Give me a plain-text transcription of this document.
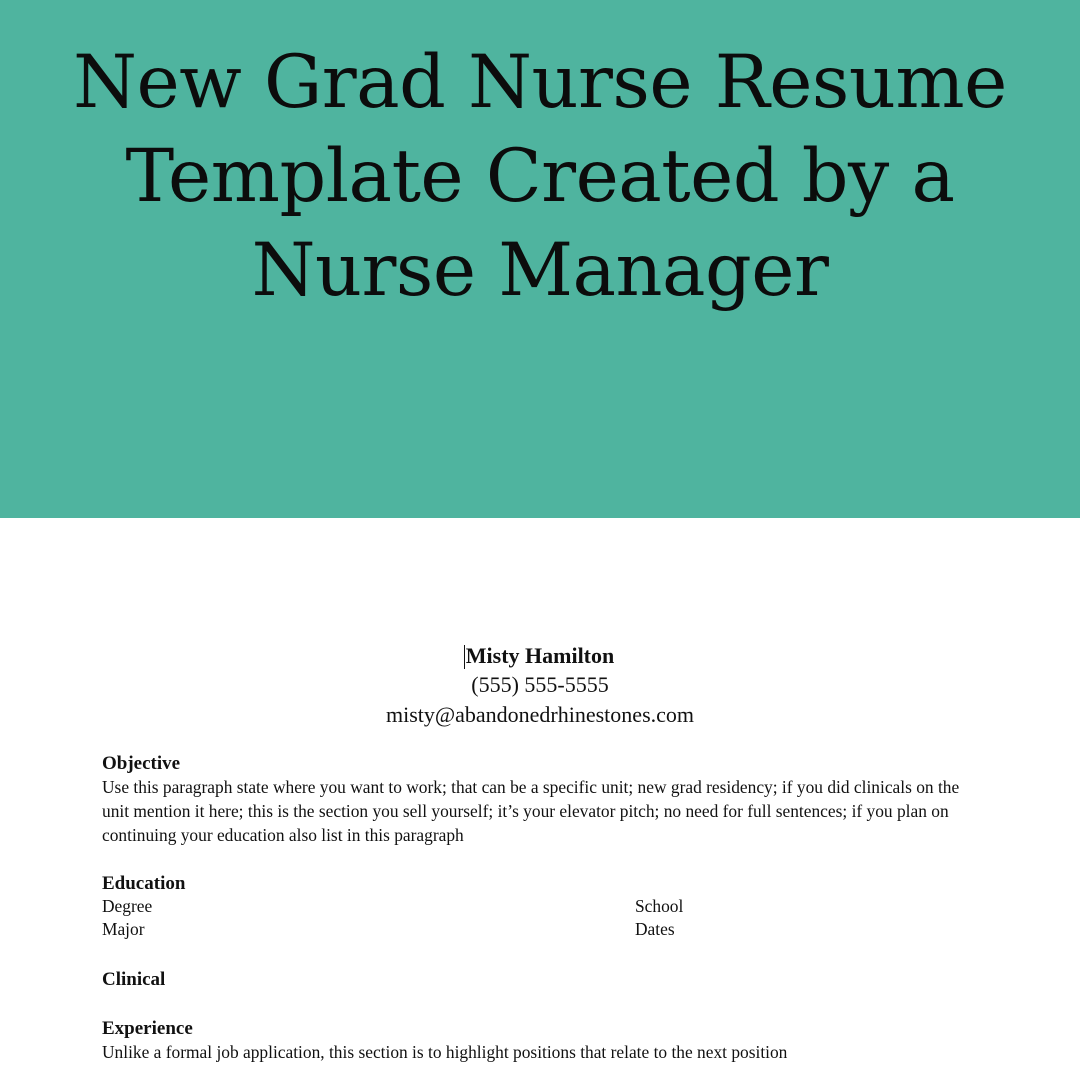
New Grad Nurse Resume
Template Created by a
Nurse Manager
Misty Hamilton
(555) 555-5555
misty@abandonedrhinestones.com

Objective

Use this paragraph state where you want to work; that can be a specific unit; new grad residency; if you did clinicals on the unit mention it here; this is the section you sell yourself; it’s your elevator pitch; no need for full sentences; if you plan on continuing your education also list in this paragraph

Education

Degree	School
Major	Dates

Clinical

Experience

Unlike a formal job application, this section is to highlight positions that relate to the next position
